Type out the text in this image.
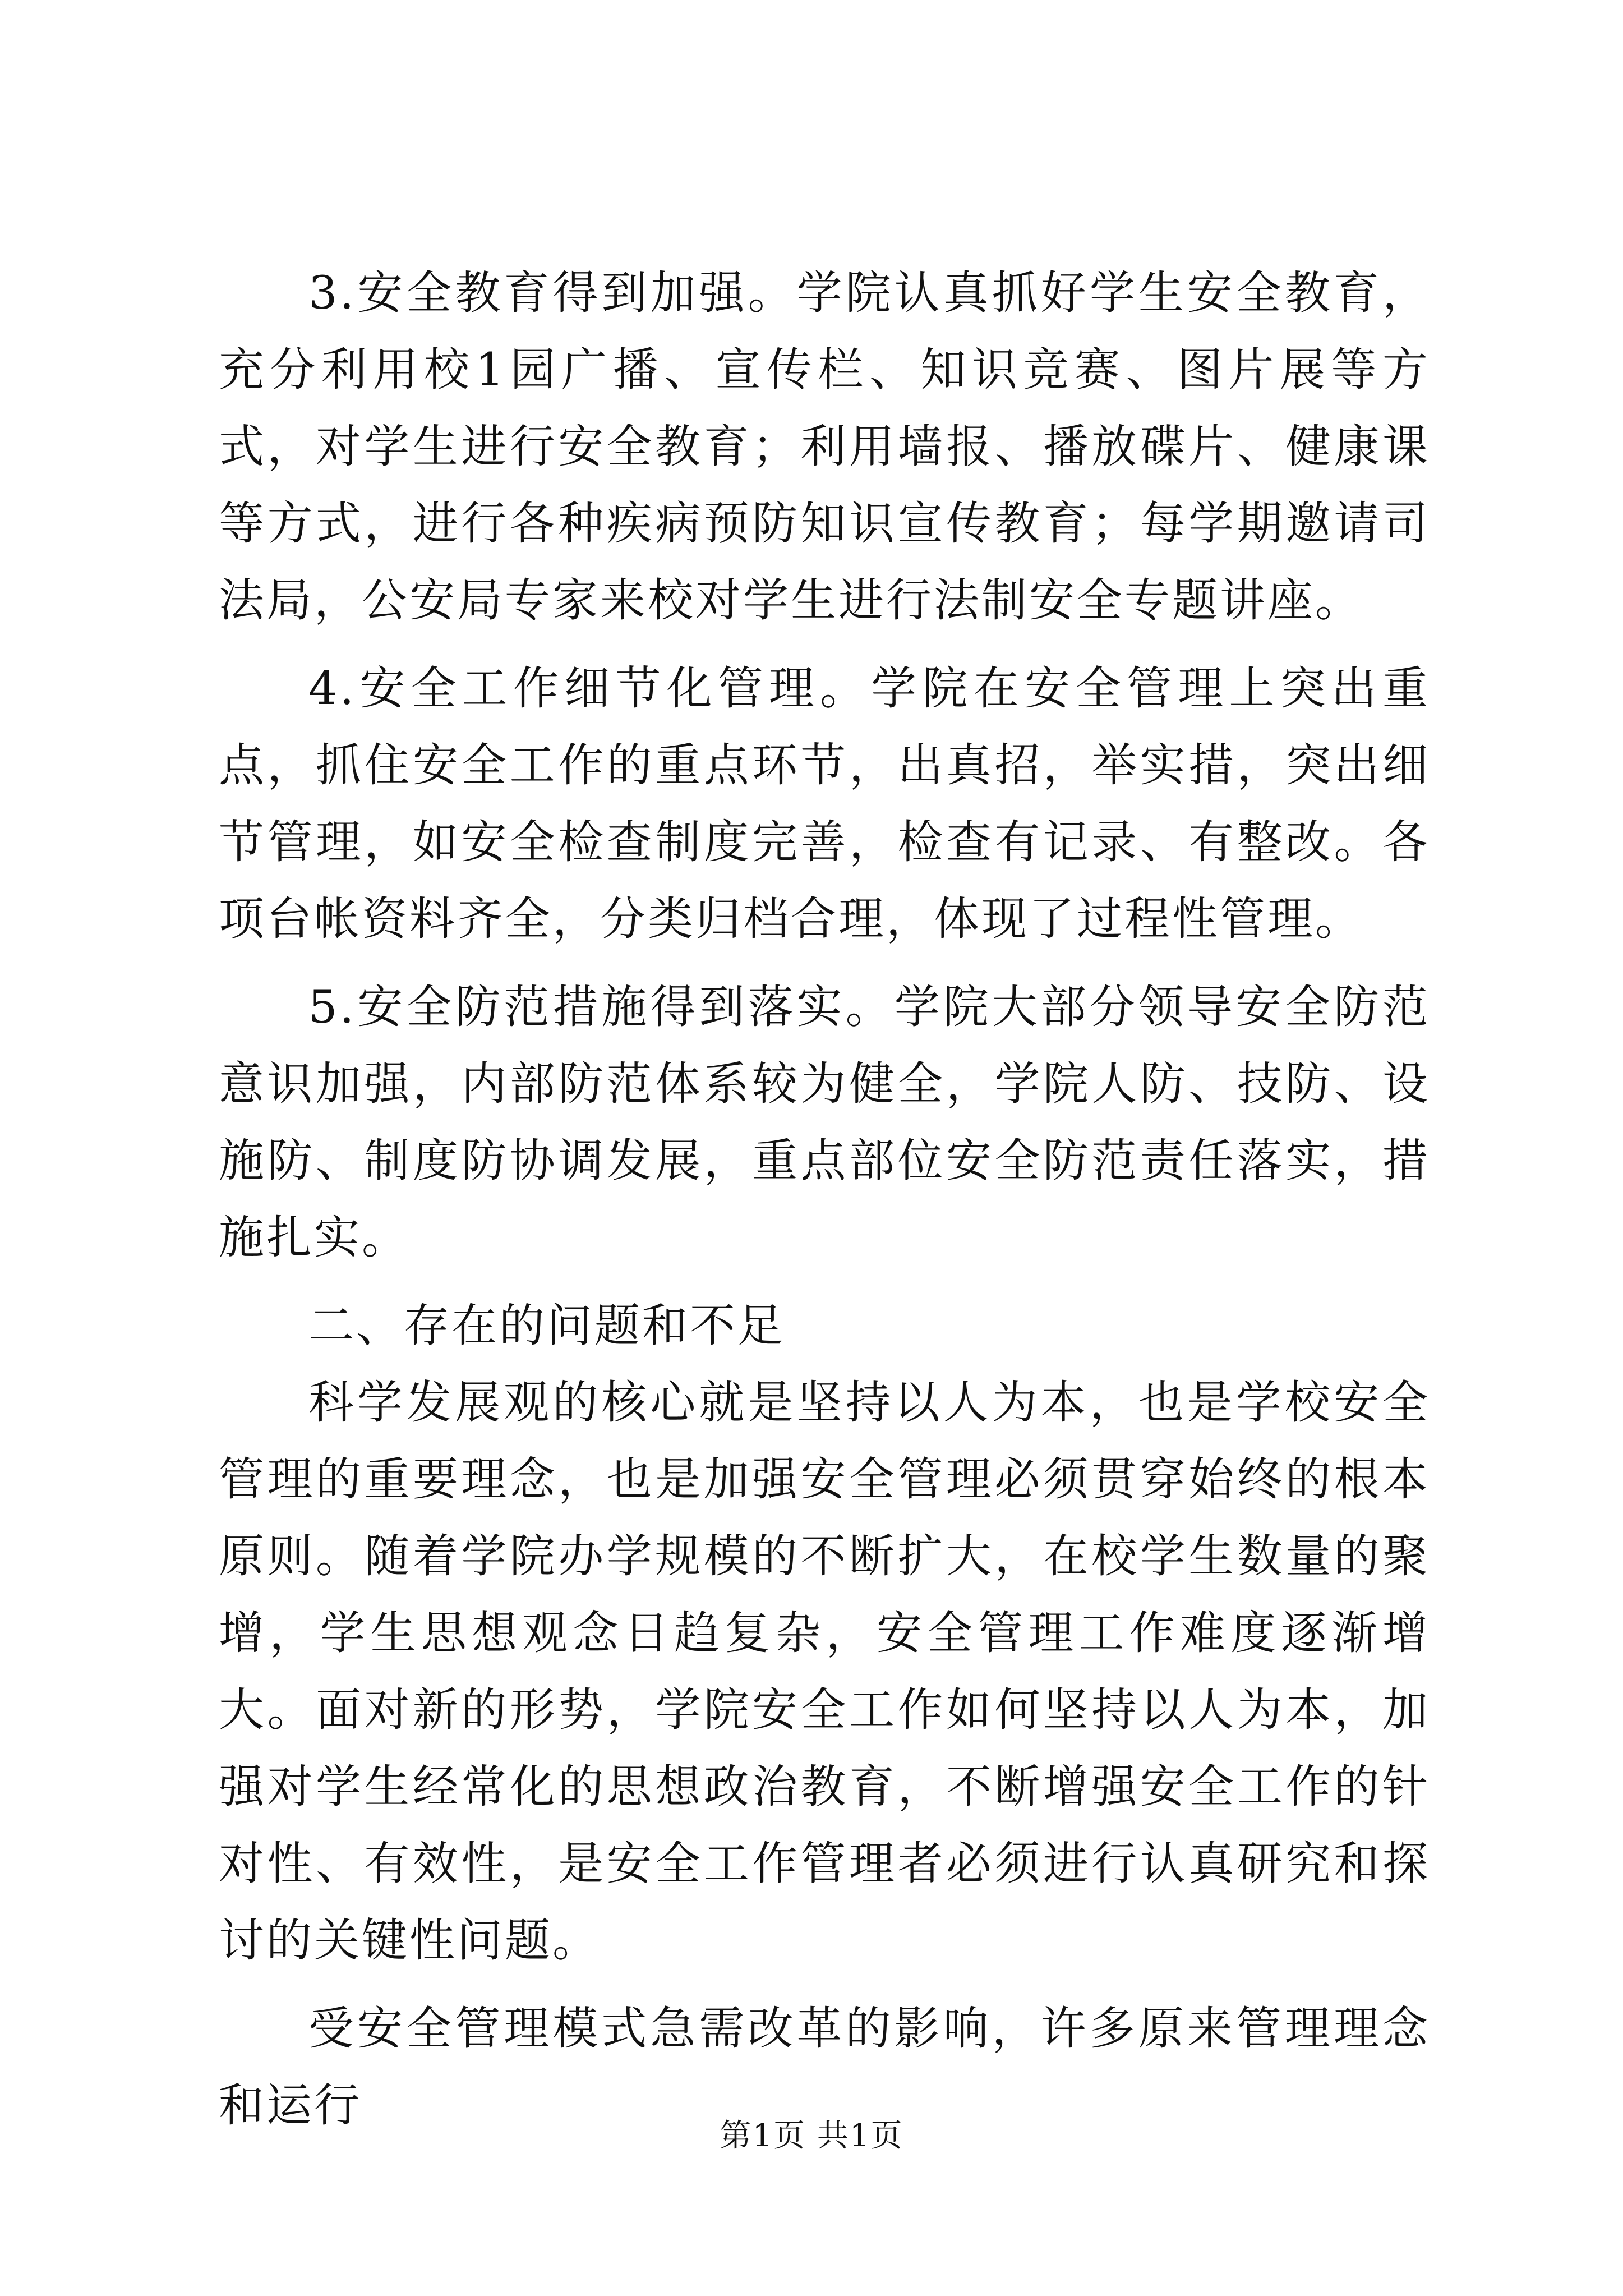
3.安全教育得到加强。学院认真抓好学生安全教育，充分利用校1园广播、宣传栏、知识竞赛、图片展等方式，对学生进行安全教育；利用墙报、播放碟片、健康课等方式，进行各种疾病预防知识宣传教育；每学期邀请司法局，公安局专家来校对学生进行法制安全专题讲座。

4.安全工作细节化管理。学院在安全管理上突出重点，抓住安全工作的重点环节，出真招，举实措，突出细节管理，如安全检查制度完善，检查有记录、有整改。各项台帐资料齐全，分类归档合理，体现了过程性管理。

5.安全防范措施得到落实。学院大部分领导安全防范意识加强，内部防范体系较为健全，学院人防、技防、设施防、制度防协调发展，重点部位安全防范责任落实，措施扎实。

二、存在的问题和不足

科学发展观的核心就是坚持以人为本，也是学校安全管理的重要理念，也是加强安全管理必须贯穿始终的根本原则。随着学院办学规模的不断扩大，在校学生数量的聚增，学生思想观念日趋复杂，安全管理工作难度逐渐增大。面对新的形势，学院安全工作如何坚持以人为本，加强对学生经常化的思想政治教育，不断增强安全工作的针对性、有效性，是安全工作管理者必须进行认真研究和探讨的关键性问题。

受安全管理模式急需改革的影响，许多原来管理理念和运行

第1页 共1页
